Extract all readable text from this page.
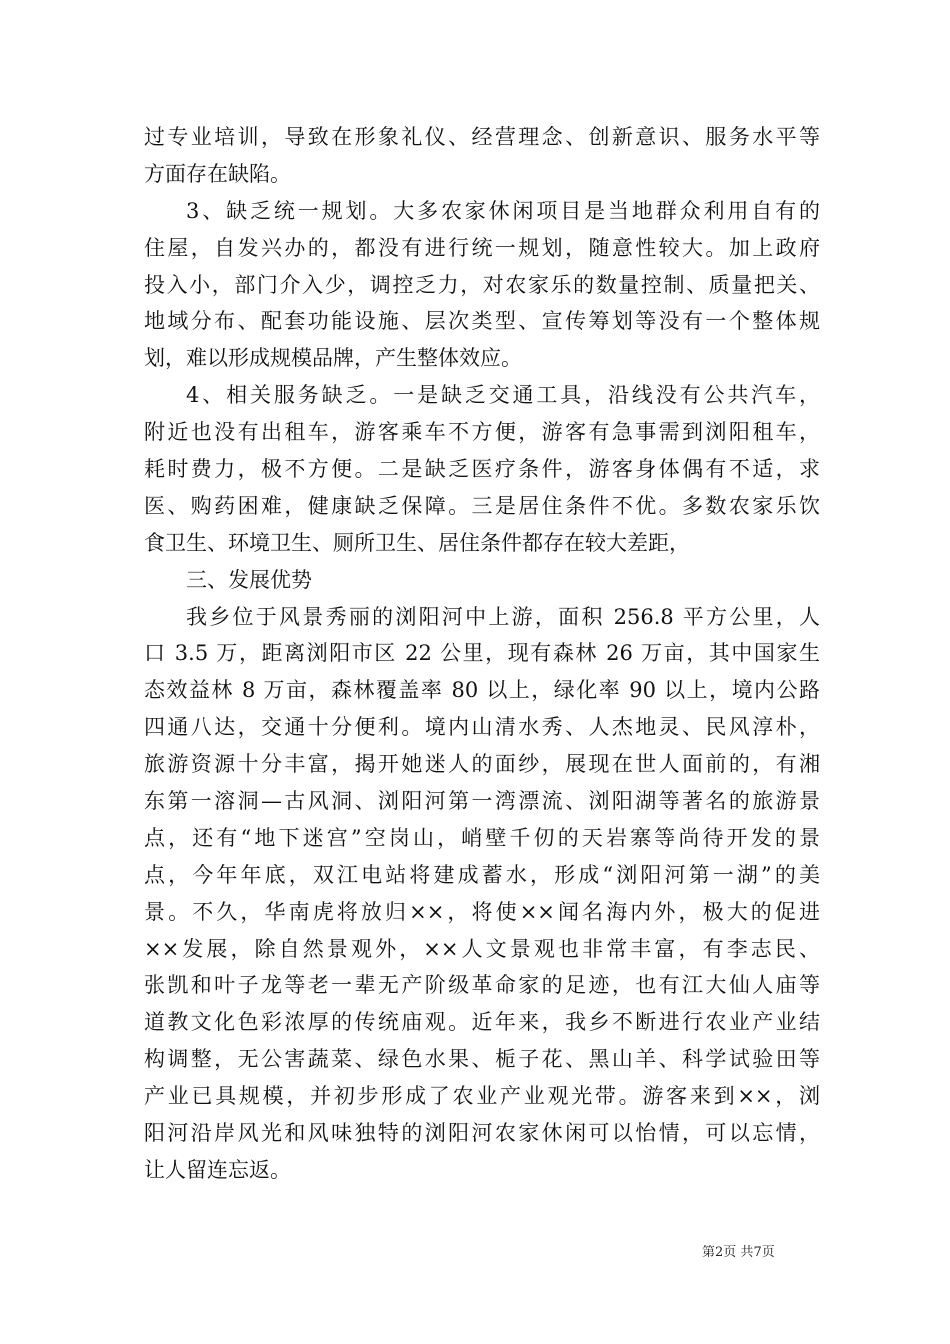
过专业培训，导致在形象礼仪、经营理念、创新意识、服务水平等
方面存在缺陷。
3、缺乏统一规划。大多农家休闲项目是当地群众利用自有的
住屋，自发兴办的，都没有进行统一规划，随意性较大。加上政府
投入小，部门介入少，调控乏力，对农家乐的数量控制、质量把关、
地域分布、配套功能设施、层次类型、宣传筹划等没有一个整体规
划，难以形成规模品牌，产生整体效应。
4、相关服务缺乏。一是缺乏交通工具，沿线没有公共汽车，
附近也没有出租车，游客乘车不方便，游客有急事需到浏阳租车，
耗时费力，极不方便。二是缺乏医疗条件，游客身体偶有不适，求
医、购药困难，健康缺乏保障。三是居住条件不优。多数农家乐饮
食卫生、环境卫生、厕所卫生、居住条件都存在较大差距，
三、发展优势
我乡位于风景秀丽的浏阳河中上游，面积 256.8 平方公里，人
口 3.5 万，距离浏阳市区 22 公里，现有森林 26 万亩，其中国家生
态效益林 8 万亩，森林覆盖率 80 以上，绿化率 90 以上，境内公路
四通八达，交通十分便利。境内山清水秀、人杰地灵、民风淳朴，
旅游资源十分丰富，揭开她迷人的面纱，展现在世人面前的，有湘
东第一溶洞—古风洞、浏阳河第一湾漂流、浏阳湖等著名的旅游景
点，还有“地下迷宫”空岗山，峭壁千仞的天岩寨等尚待开发的景
点，今年年底，双江电站将建成蓄水，形成“浏阳河第一湖”的美
景。不久，华南虎将放归××，将使××闻名海内外，极大的促进
××发展，除自然景观外，××人文景观也非常丰富，有李志民、
张凯和叶子龙等老一辈无产阶级革命家的足迹，也有江大仙人庙等
道教文化色彩浓厚的传统庙观。近年来，我乡不断进行农业产业结
构调整，无公害蔬菜、绿色水果、栀子花、黑山羊、科学试验田等
产业已具规模，并初步形成了农业产业观光带。游客来到××，浏
阳河沿岸风光和风味独特的浏阳河农家休闲可以怡情，可以忘情，
让人留连忘返。
第2页 共7页
